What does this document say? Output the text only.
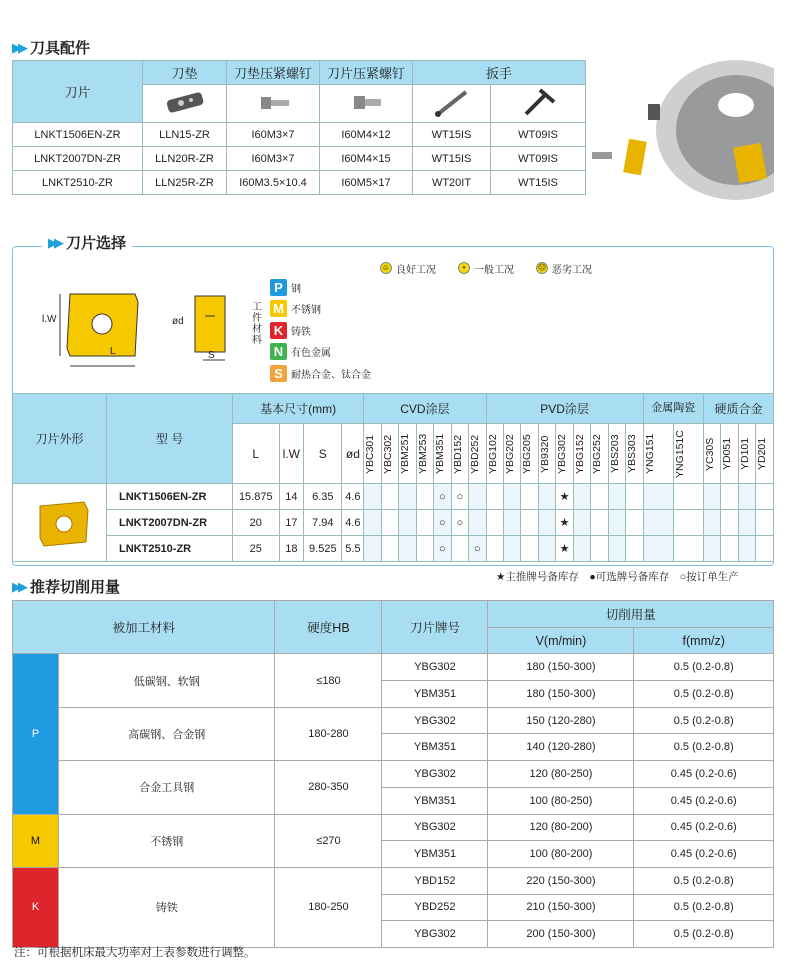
▶▶ 刀具配件
刀片	刀垫	刀垫压紧螺钉	刀片压紧螺钉	扳手	

LNKT1506EN-ZR	LLN15-ZR	I60M3×7	I60M4×12	WT15IS	WT09IS
LNKT2007DN-ZR	LLN20R-ZR	I60M3×7	I60M4×15	WT15IS	WT09IS
LNKT2510-ZR	LLN25R-ZR	I60M3.5×10.4	I60M5×17	WT20IT	WT15IS
▶▶ 刀片选择
l.W
L
ød
S
☺ 良好工况	• 一般工况	☹ 恶劣工况
工件材料
P 钢
M 不锈钢
K 铸铁
N 有色金属
S 耐热合金、钛合金
刀片外形	型 号	基本尺寸(mm)				CVD涂层							PVD涂层									金属陶瓷		硬质合金			
		L	l.W	S	ød	YBC301	YBC302	YBM251	YBM253	YBM351	YBD152	YBD252	YBG102	YBG202	YBG205	YB9320	YBG302	YBG152	YBG252	YBS203	YBS303	YNG151	YNG151C	YC30S	YD051	YD101	YD201

	LNKT1506EN-ZR	15.875	14	6.35	4.6					○	○						★										
	LNKT2007DN-ZR	20	17	7.94	4.6					○	○						★										
	LNKT2510-ZR	25	18	9.525	5.5					○		○					★										
★主推牌号备库存　●可选牌号备库存　○按订单生产
▶▶ 推荐切削用量
被加工材料		硬度HB	刀片牌号	切削用量	
				V(m/min)	f(mm/z)
P	低碳钢、软钢	≤180	YBG302	180 (150-300)	0.5 (0.2-0.8)
			YBM351	180 (150-300)	0.5 (0.2-0.8)
	高碳钢、合金钢	180-280	YBG302	150 (120-280)	0.5 (0.2-0.8)
			YBM351	140 (120-280)	0.5 (0.2-0.8)
	合金工具钢	280-350	YBG302	120 (80-250)	0.45 (0.2-0.6)
			YBM351	100 (80-250)	0.45 (0.2-0.6)
M	不锈钢	≤270	YBG302	120 (80-200)	0.45 (0.2-0.6)
			YBM351	100 (80-200)	0.45 (0.2-0.6)
K	铸铁	180-250	YBD152	220 (150-300)	0.5 (0.2-0.8)
			YBD252	210 (150-300)	0.5 (0.2-0.8)
			YBG302	200 (150-300)	0.5 (0.2-0.8)
注：可根据机床最大功率对上表参数进行调整。
